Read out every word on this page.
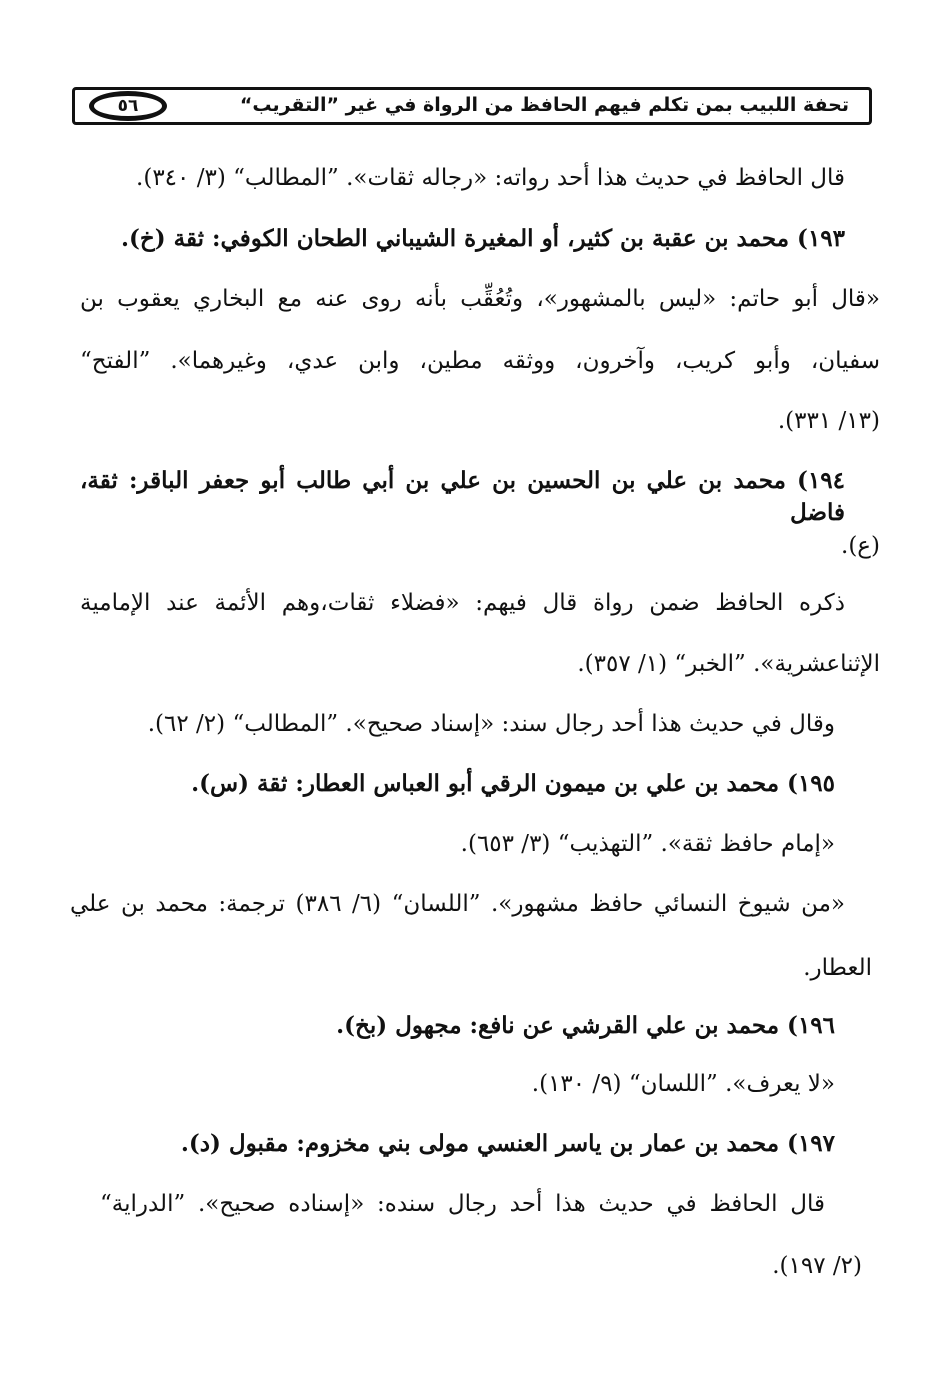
٥٦	تحفة اللبيب بمن تكلم فيهم الحافظ من الرواة في غير ”التقريب“
قال الحافظ في حديث هذا أحد رواته: «رجاله ثقات». ”المطالب“ (٣/ ٣٤٠).
١٩٣) محمد بن عقبة بن كثير، أو المغيرة الشيباني الطحان الكوفي: ثقة (خ).
«قال أبو حاتم: «ليس بالمشهور»، وتُعُقِّب بأنه روى عنه مع البخاري يعقوب بن
سفيان، وأبو كريب، وآخرون، ووثقه مطين، وابن عدي، وغيرهما». ”الفتح“
(١٣/ ٣٣١).
١٩٤) محمد بن علي بن الحسين بن علي بن أبي طالب أبو جعفر الباقر: ثقة، فاضل
(ع).
ذكره الحافظ ضمن رواة قال فيهم: «فضلاء ثقات،وهم الأئمة عند الإمامية
الإثناعشرية». ”الخبر“ (١/ ٣٥٧).
وقال في حديث هذا أحد رجال سند: «إسناد صحيح». ”المطالب“ (٢/ ٦٢).
١٩٥) محمد بن علي بن ميمون الرقي أبو العباس العطار: ثقة (س).
«إمام حافظ ثقة». ”التهذيب“ (٣/ ٦٥٣).
«من شيوخ النسائي حافظ مشهور». ”اللسان“ (٦/ ٣٨٦) ترجمة: محمد بن علي
العطار.
١٩٦) محمد بن علي القرشي عن نافع: مجهول (بخ).
«لا يعرف». ”اللسان“ (٩/ ١٣٠).
١٩٧) محمد بن عمار بن ياسر العنسي مولى بني مخزوم: مقبول (د).
قال الحافظ في حديث هذا أحد رجال سنده: «إسناده صحيح». ”الدراية“
(٢/ ١٩٧).
